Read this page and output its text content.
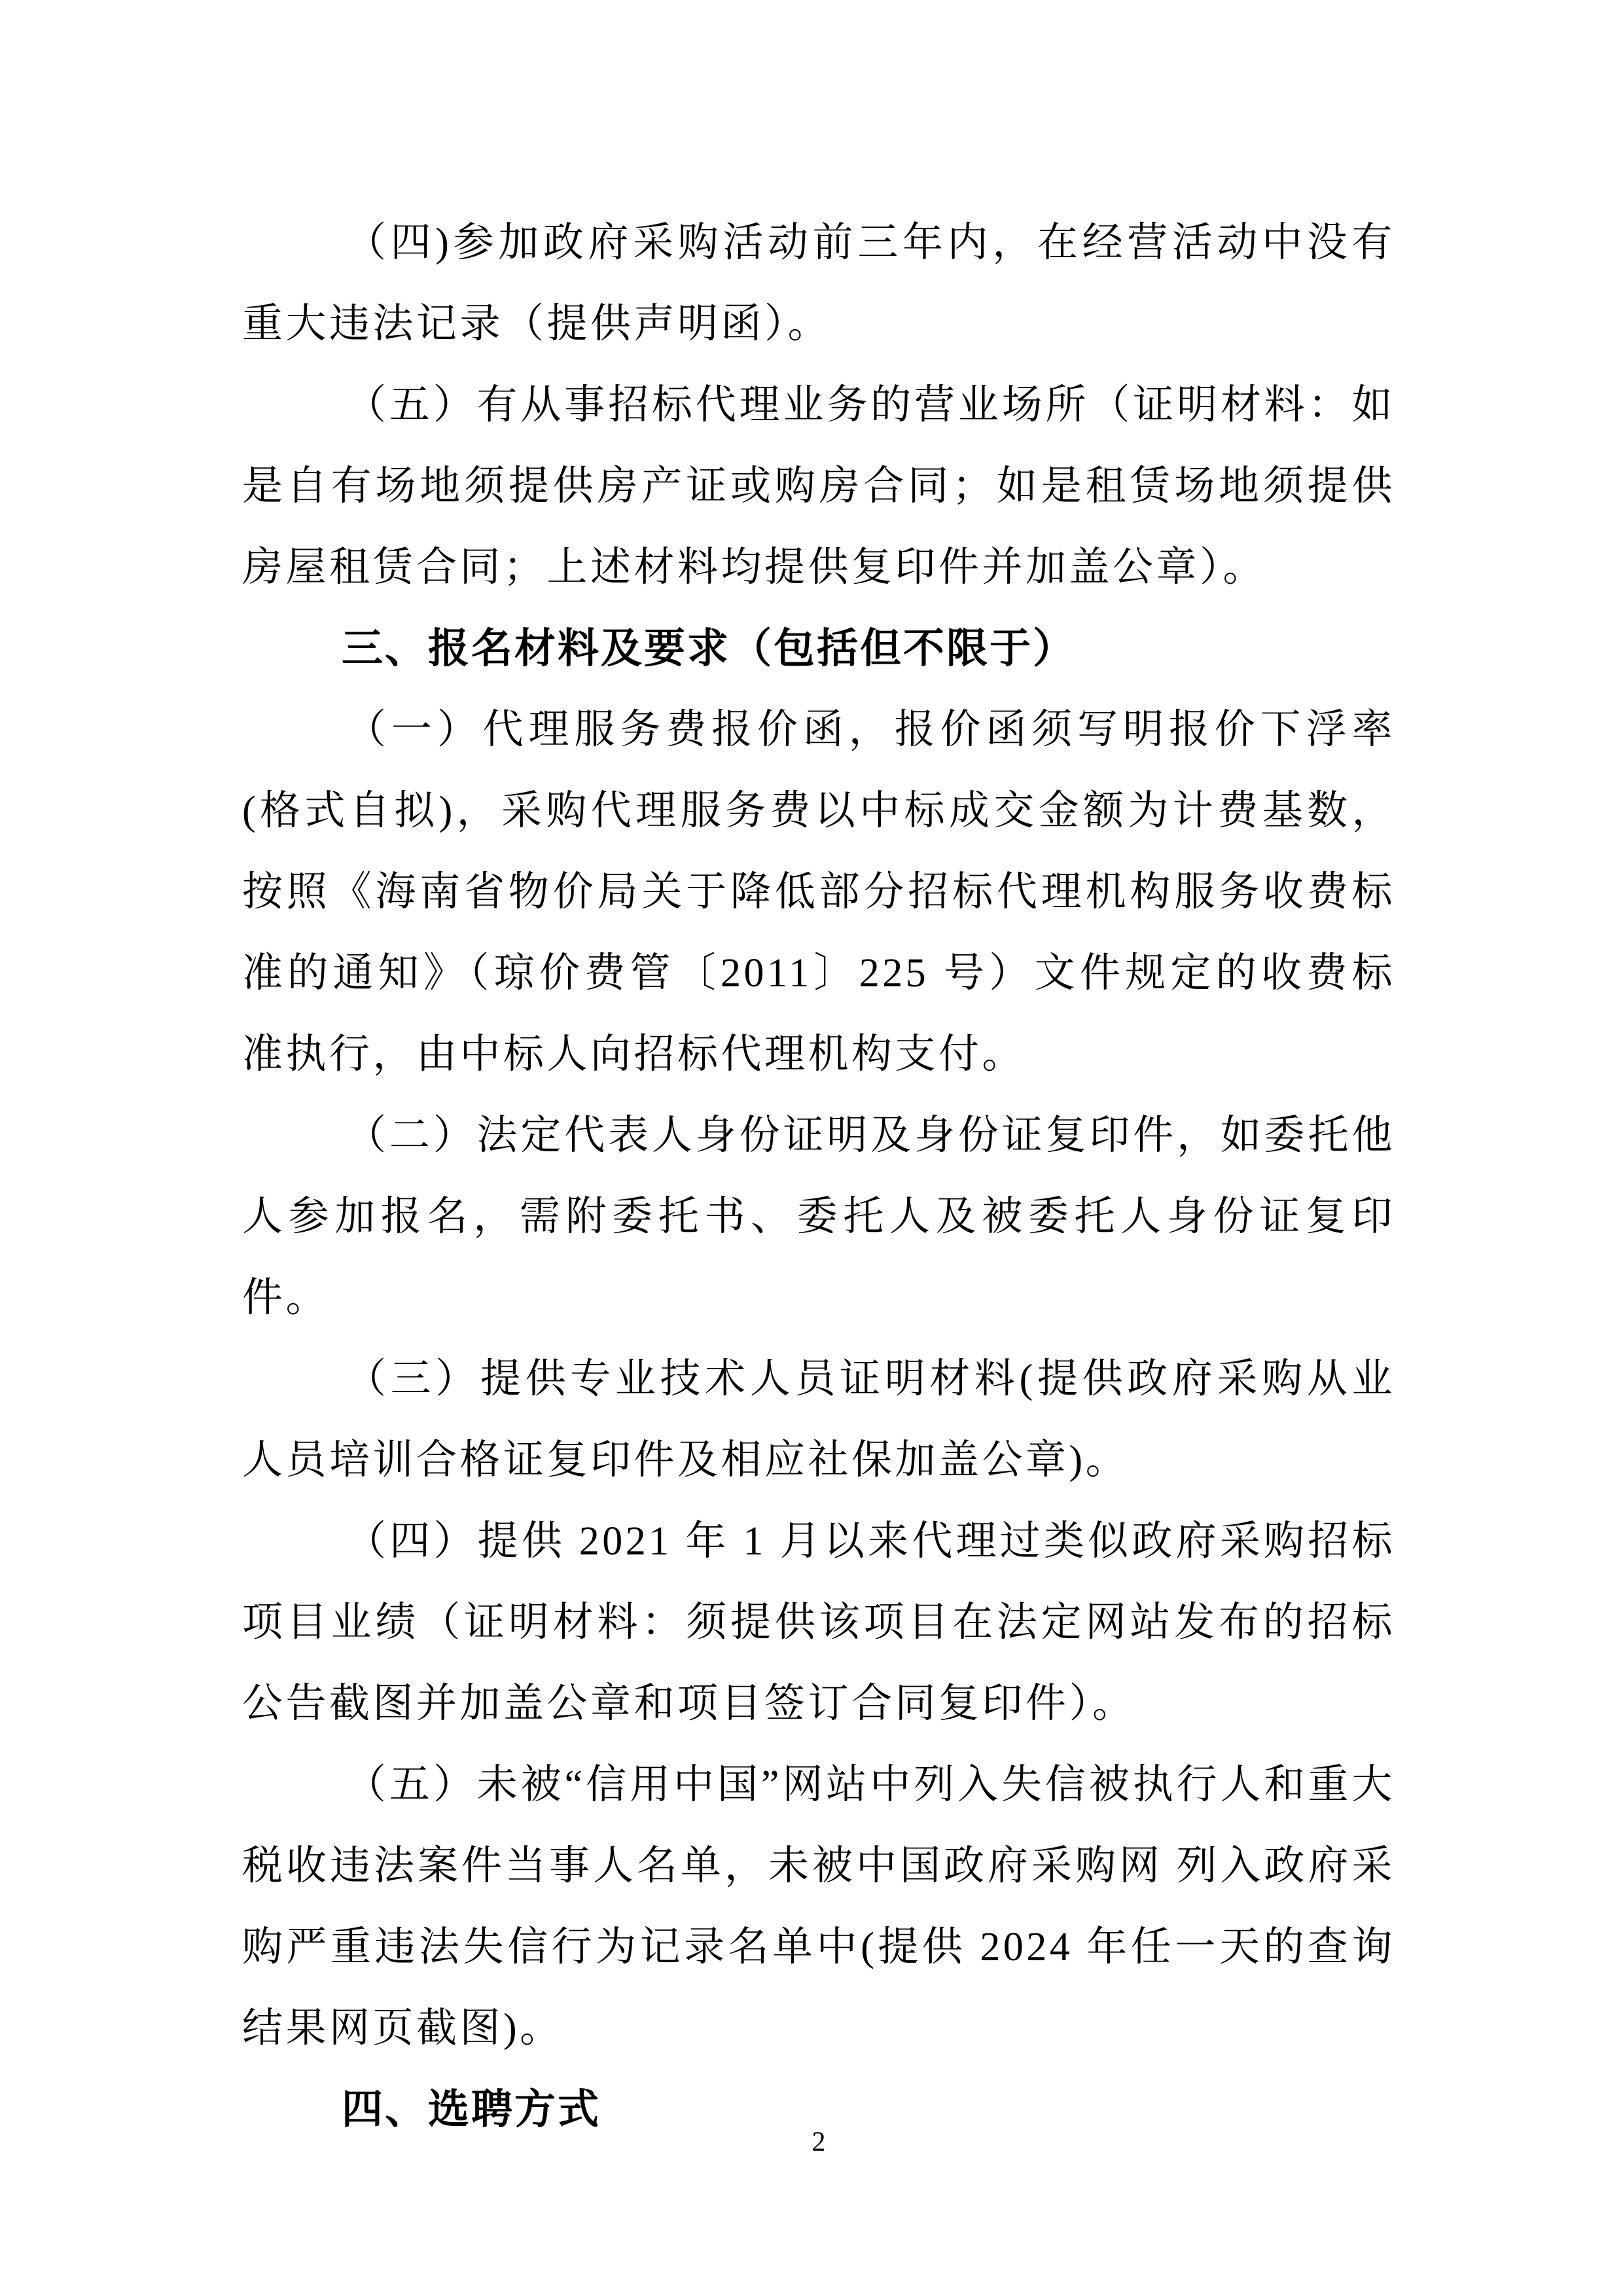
（四)参加政府采购活动前三年内，在经营活动中没有重大违法记录（提供声明函）。

（五）有从事招标代理业务的营业场所（证明材料：如是自有场地须提供房产证或购房合同；如是租赁场地须提供房屋租赁合同；上述材料均提供复印件并加盖公章）。

三、报名材料及要求（包括但不限于）

（一）代理服务费报价函，报价函须写明报价下浮率(格式自拟)，采购代理服务费以中标成交金额为计费基数，按照《海南省物价局关于降低部分招标代理机构服务收费标准的通知》（琼价费管〔2011〕225 号）文件规定的收费标准执行，由中标人向招标代理机构支付。

（二）法定代表人身份证明及身份证复印件，如委托他人参加报名，需附委托书、委托人及被委托人身份证复印件。

（三）提供专业技术人员证明材料(提供政府采购从业人员培训合格证复印件及相应社保加盖公章)。

（四）提供 2021 年 1 月以来代理过类似政府采购招标项目业绩（证明材料：须提供该项目在法定网站发布的招标公告截图并加盖公章和项目签订合同复印件）。

（五）未被“信用中国”网站中列入失信被执行人和重大税收违法案件当事人名单，未被中国政府采购网 列入政府采购严重违法失信行为记录名单中(提供 2024 年任一天的查询结果网页截图)。

四、选聘方式
2
